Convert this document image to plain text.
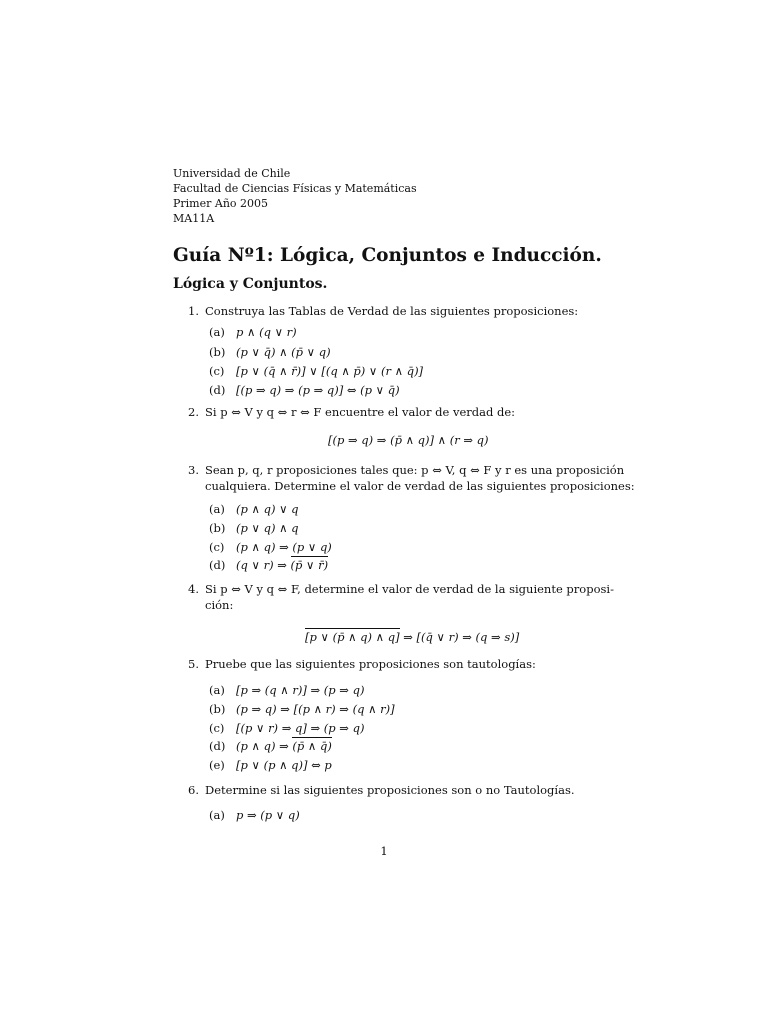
Universidad de Chile
Facultad de Ciencias Físicas y Matemáticas
Primer Año 2005
MA11A
Guía Nº1: Lógica, Conjuntos e Inducción.
Lógica y Conjuntos.
1. Construya las Tablas de Verdad de las siguientes proposiciones:
(a) p ∧ (q ∨ r)
(b) (p ∨ q̄) ∧ (p̄ ∨ q)
(c) [p ∨ (q̄ ∧ r̄)] ∨ [(q ∧ p̄) ∨ (r ∧ q̄)]
(d) [(p ⇒ q) ⇒ (p ⇒ q)] ⇔ (p ∨ q̄)
2. Si p ⇔ V y q ⇔ r ⇔ F encuentre el valor de verdad de:
[(p ⇒ q) ⇒ (p̄ ∧ q)] ∧ (r ⇒ q)
3. Sean p, q, r proposiciones tales que: p ⇔ V, q ⇔ F y r es una proposición
cualquiera. Determine el valor de verdad de las siguientes proposiciones:
(a) (p ∧ q) ∨ q
(b) (p ∨ q) ∧ q
(c) (p ∧ q) ⇒ (p ∨ q)
(d) (q ∨ r) ⇒ (p̄ ∨ r̄)
4. Si p ⇔ V y q ⇔ F, determine el valor de verdad de la siguiente proposi-
ción:
[p ∨ (p̄ ∧ q) ∧ q] ⇒ [(q̄ ∨ r) ⇒ (q ⇒ s)]
5. Pruebe que las siguientes proposiciones son tautologías:
(a) [p ⇒ (q ∧ r)] ⇒ (p ⇒ q)
(b) (p ⇒ q) ⇒ [(p ∧ r) ⇒ (q ∧ r)]
(c) [(p ∨ r) ⇒ q] ⇒ (p ⇒ q)
(d) (p ∧ q) ⇒ (p̄ ∧ q̄)
(e) [p ∨ (p ∧ q)] ⇔ p
6. Determine si las siguientes proposiciones son o no Tautologías.
(a) p ⇒ (p ∨ q)
1
